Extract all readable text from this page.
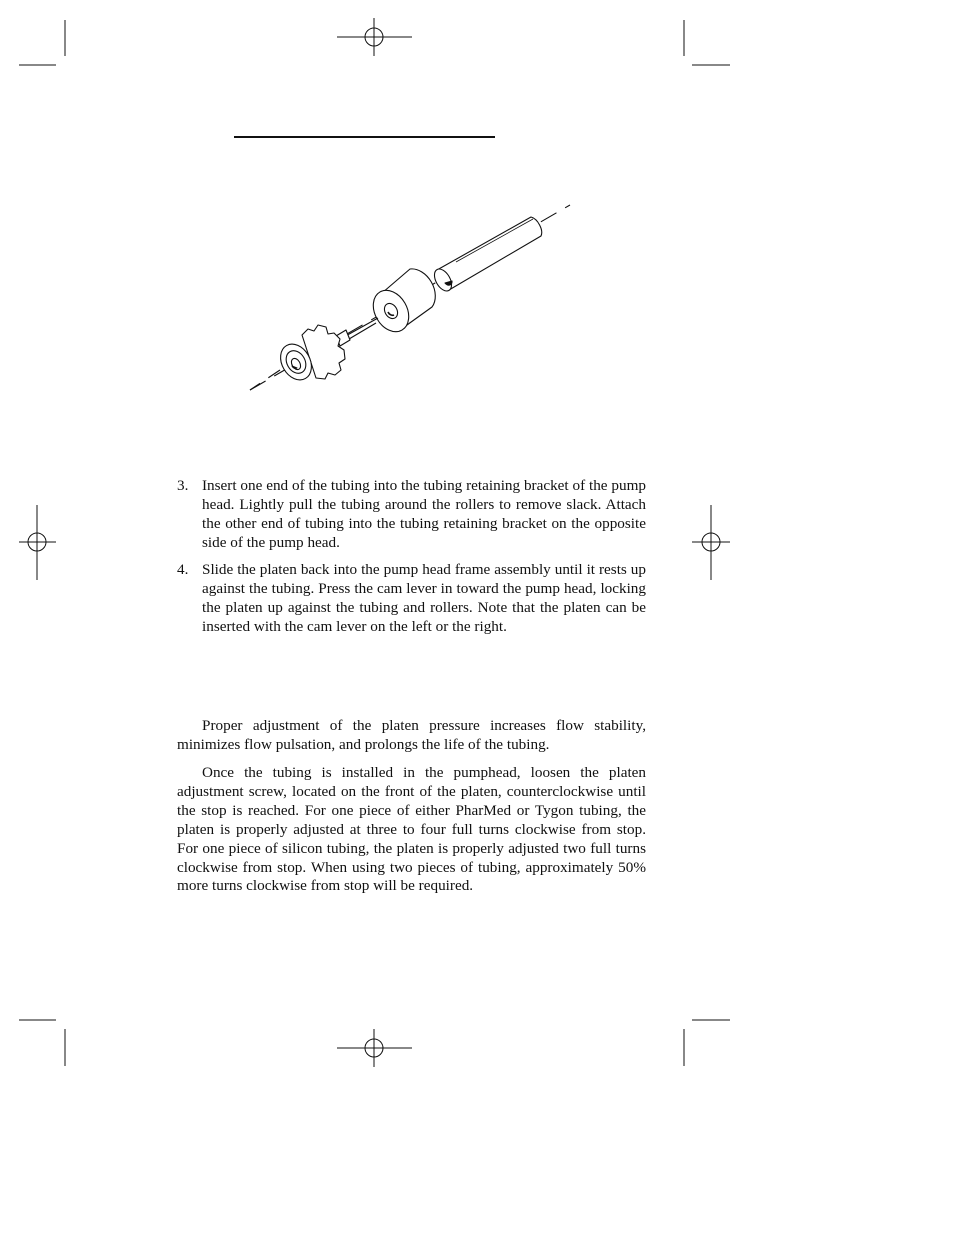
3. Insert one end of the tubing into the tubing retaining bracket of the pump head. Lightly pull the tubing around the rollers to remove slack. Attach the other end of tubing into the tubing retaining bracket on the opposite side of the pump head.
4. Slide the platen back into the pump head frame assembly until it rests up against the tubing. Press the cam lever in toward the pump head, locking the platen up against the tubing and rollers. Note that the platen can be inserted with the cam lever on the left or the right.

Proper adjustment of the platen pressure increases flow stability, minimizes flow pulsation, and prolongs the life of the tubing.

Once the tubing is installed in the pumphead, loosen the platen adjustment screw, located on the front of the platen, counterclockwise until the stop is reached. For one piece of either PharMed or Tygon tubing, the platen is properly adjusted at three to four full turns clockwise from stop. For one piece of silicon tubing, the platen is properly adjusted two full turns clockwise from stop. When using two pieces of tubing, approximately 50% more turns clockwise from stop will be required.
